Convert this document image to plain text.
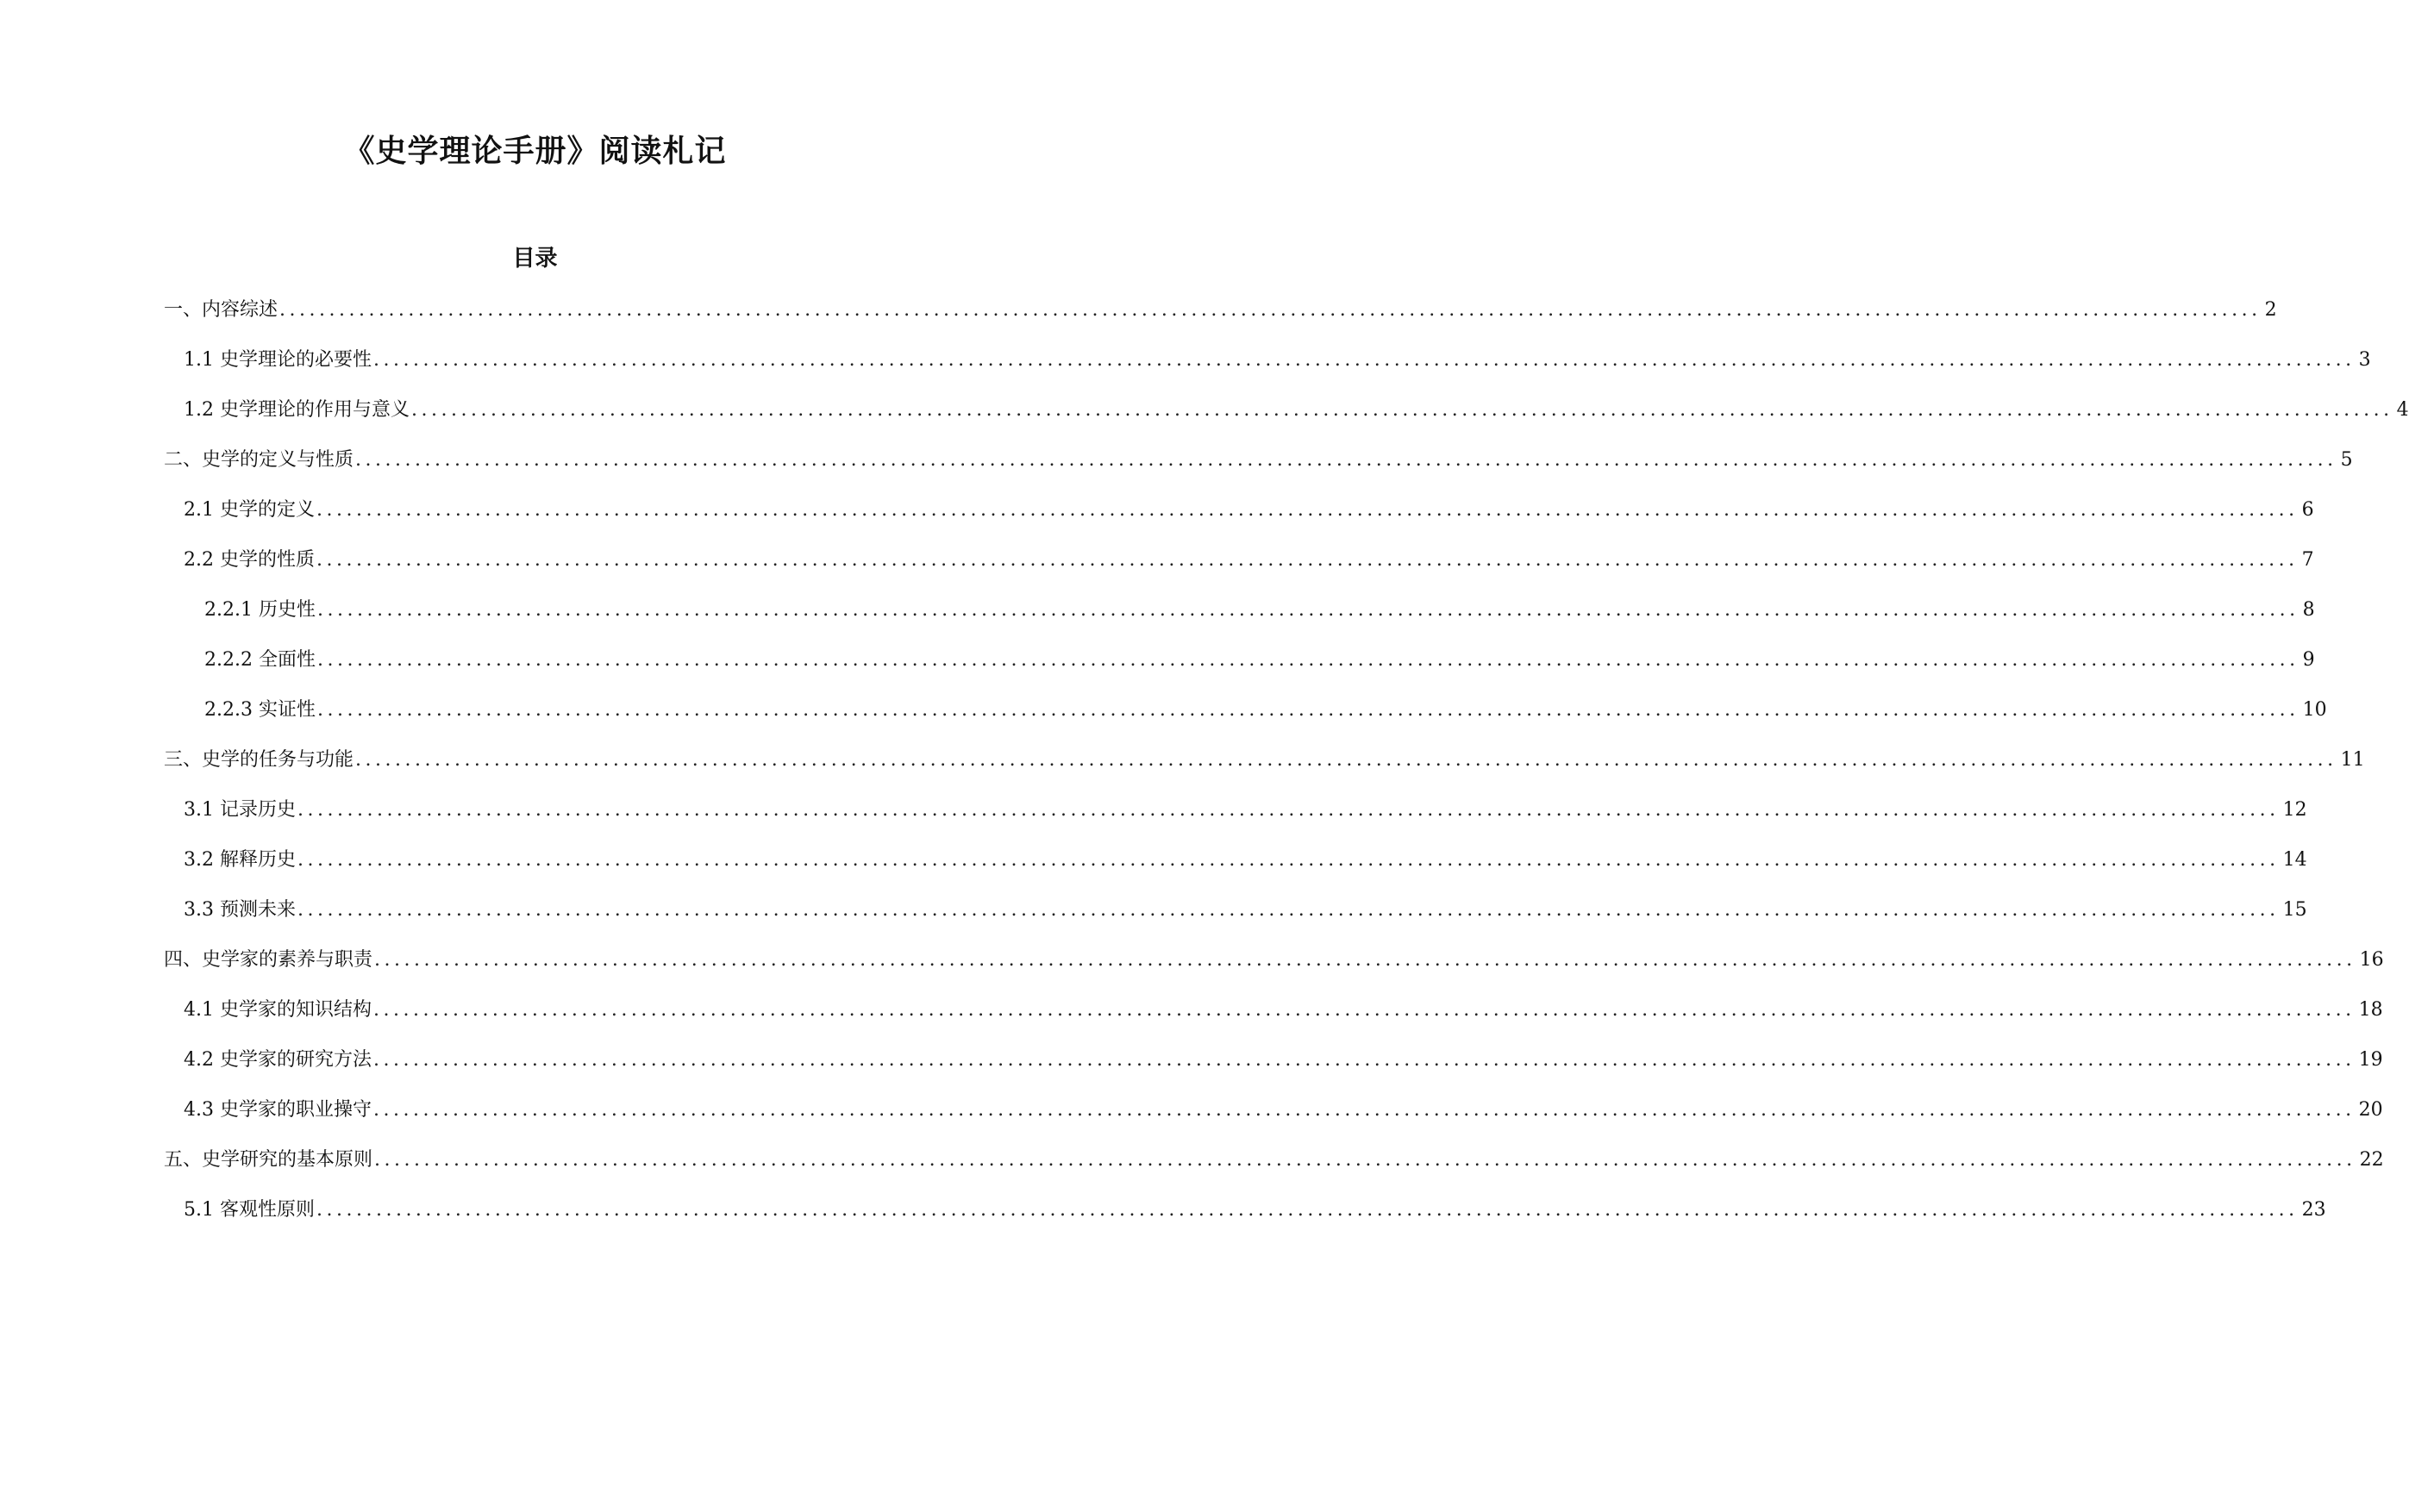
《史学理论手册》阅读札记
目录
一、内容综述 ........................................................................................................................................................................................................ 2
1.1 史学理论的必要性 ........................................................................................................................................................................................................ 3
1.2 史学理论的作用与意义 ........................................................................................................................................................................................................ 4
二、史学的定义与性质 ........................................................................................................................................................................................................ 5
2.1 史学的定义 ........................................................................................................................................................................................................ 6
2.2 史学的性质 ........................................................................................................................................................................................................ 7
2.2.1 历史性 ........................................................................................................................................................................................................ 8
2.2.2 全面性 ........................................................................................................................................................................................................ 9
2.2.3 实证性 ........................................................................................................................................................................................................ 10
三、史学的任务与功能 ........................................................................................................................................................................................................ 11
3.1 记录历史 ........................................................................................................................................................................................................ 12
3.2 解释历史 ........................................................................................................................................................................................................ 14
3.3 预测未来 ........................................................................................................................................................................................................ 15
四、史学家的素养与职责 ........................................................................................................................................................................................................ 16
4.1 史学家的知识结构 ........................................................................................................................................................................................................ 18
4.2 史学家的研究方法 ........................................................................................................................................................................................................ 19
4.3 史学家的职业操守 ........................................................................................................................................................................................................ 20
五、史学研究的基本原则 ........................................................................................................................................................................................................ 22
5.1 客观性原则 ........................................................................................................................................................................................................ 23
